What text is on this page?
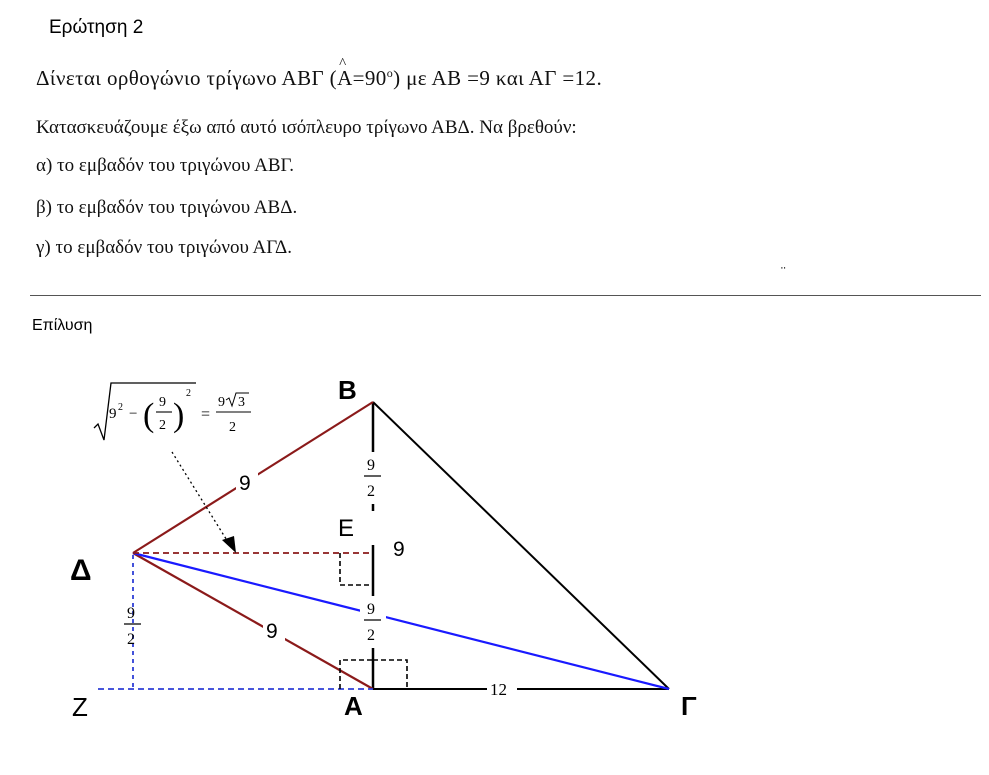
Ερώτηση 2
Δίνεται ορθογώνιο τρίγωνο ΑΒΓ (^ $A=90^o$) με ΑΒ =9 και ΑΓ =12.
Κατασκευάζουμε έξω από αυτό ισόπλευρο τρίγωνο ΑΒΔ. Να βρεθούν:
α) το εμβαδόν του τριγώνου ΑΒΓ.
β) το εμβαδόν του τριγώνου ΑΒΔ.
γ) το εμβαδόν του τριγώνου ΑΓΔ.
¨
Επίλυση
Β
Α	Γ
Δ
Ε
Ζ
9
9
9
12
9
2
9
2
9
2
9 2 − ( 9
2 )
2
=
9 3
2
